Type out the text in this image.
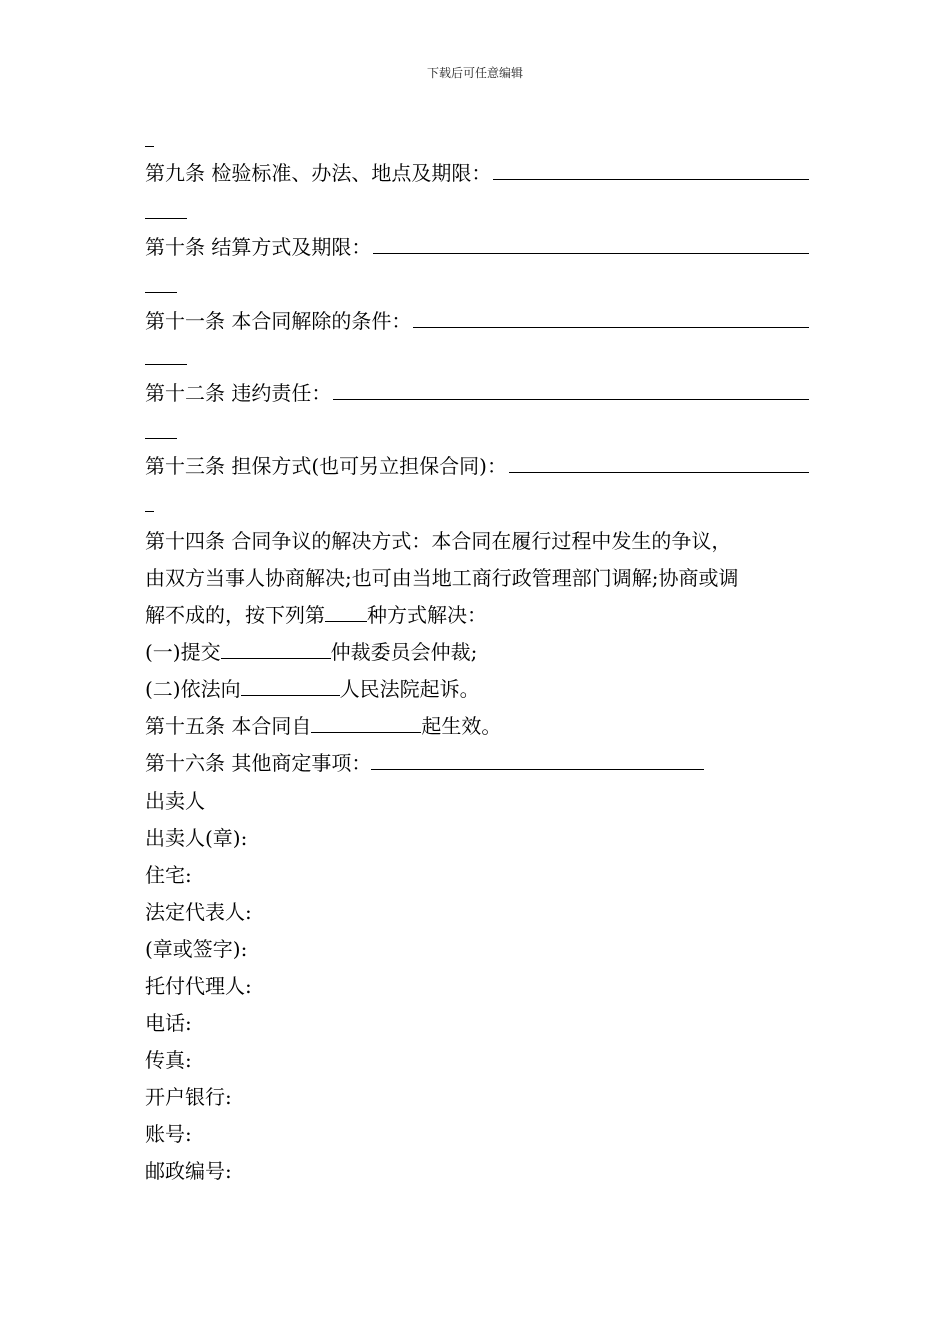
下载后可任意编辑
第九条 检验标准、办法、地点及期限：
第十条 结算方式及期限：
第十一条 本合同解除的条件：
第十二条 违约责任：
第十三条 担保方式(也可另立担保合同)：
第十四条 合同争议的解决方式：本合同在履行过程中发生的争议，
由双方当事人协商解决;也可由当地工商行政管理部门调解;协商或调
解不成的，按下列第 种方式解决：
(一)提交	仲裁委员会仲裁;
(二)依法向	人民法院起诉。
第十五条 本合同自	起生效。
第十六条 其他商定事项：
出卖人
出卖人(章):
住宅:
法定代表人:
(章或签字):
托付代理人:
电话:
传真:
开户银行:
账号:
邮政编号:
